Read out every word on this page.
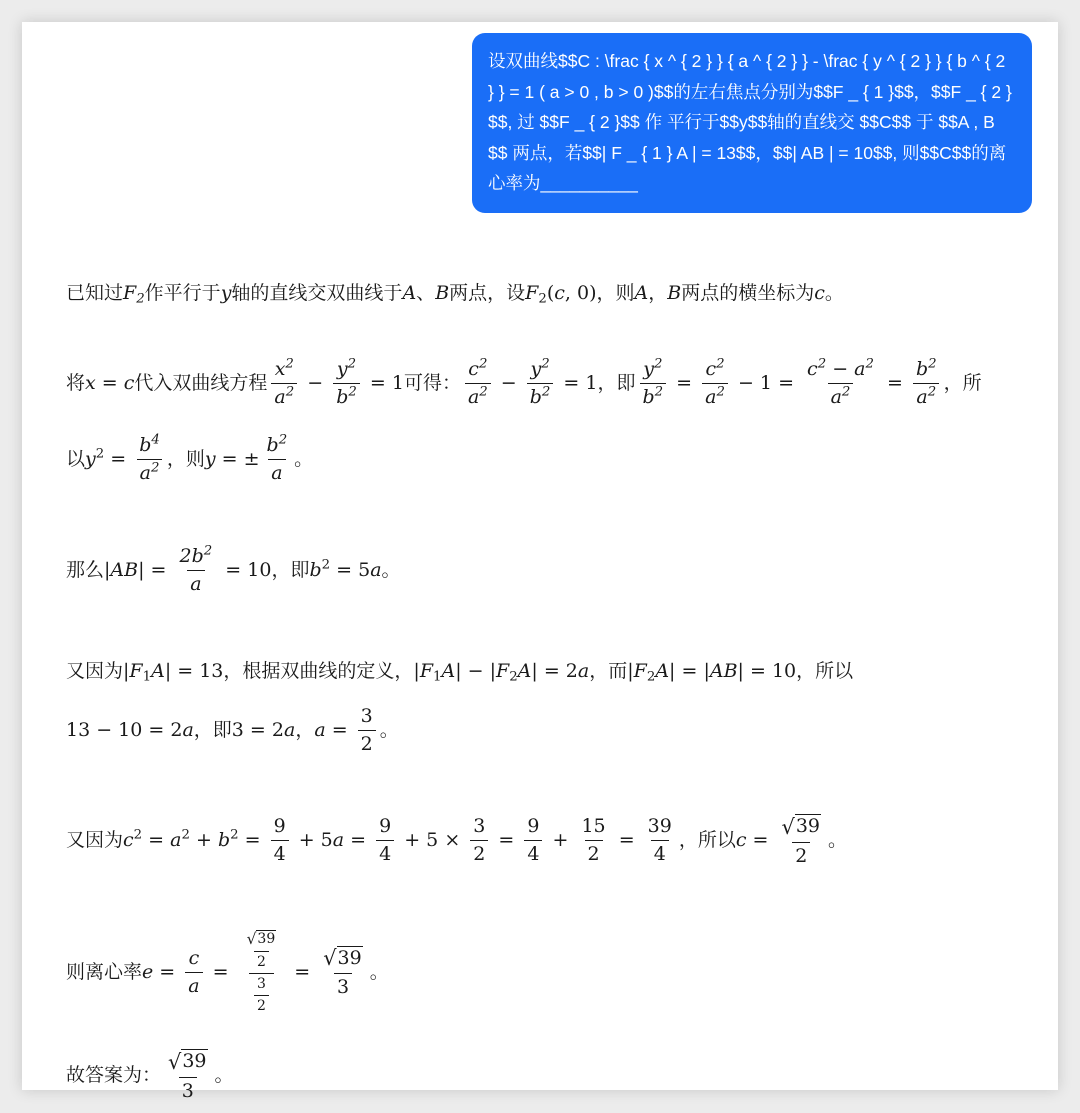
设双曲线$$C : \frac { x ^ { 2 } } { a ^ { 2 } } - \frac { y ^ { 2 } } { b ^ { 2 } } = 1 ( a > 0 , b > 0 )$$的左右焦点分别为$$F _ { 1 }$$，$$F _ { 2 }$$, 过 $$F _ { 2 }$$ 作 平行于$$y$$轴的直线交 $$C$$ 于 $$A , B$$ 两点，若$$| F _ { 1 } A | = 13$$，$$| AB | = 10$$, 则$$C$$的离心率为__________
已知过$F_2$作平行于y轴的直线交双曲线于A、B两点，设$F_2(c$, 0)，则A，B两点的横坐标为c。
将x = c代入双曲线方程 $\frac{x^2}{a^2} - \frac{y^2}{b^2} = 1$可得： $\frac{c^2}{a^2} - \frac{y^2}{b^2} = 1$，即 $\frac{y^2}{b^2} = \frac{c^2}{a^2} - 1 = \frac{c^2 - a^2}{a^2} = \frac{b^2}{a^2}$ ，所
以$y^2 = \frac{b^4}{a^2}$ ，则y = ± $\frac{b^2}{a}$ 。
那么$|AB| = \frac{2b^2}{a} = 10$，即$b^2 = 5a$。
又因为$|F_1A| = 13$，根据双曲线的定义，$|F_1A| - |F_2A| = 2a$，而$|F_2A| = |AB| = 10$，所以
13 − 10 = 2a，即3 = 2a，$a = \frac{3}{2}$ 。
又因为$c^2 = a^2 + b^2 = \frac{9}{4} + 5a = \frac{9}{4} + 5 \times \frac{3}{2} = \frac{9}{4} + \frac{15}{2} = \frac{39}{4}$ ，所以$c = \frac{√ 39}{2}$ 。
则离心率$e = \frac{c}{a} = \frac{\frac{√ 39}{2}}{\frac{3}{2}} = \frac{√ 39}{3}$ 。
故答案为： $\frac{√ 39}{3}$ 。
